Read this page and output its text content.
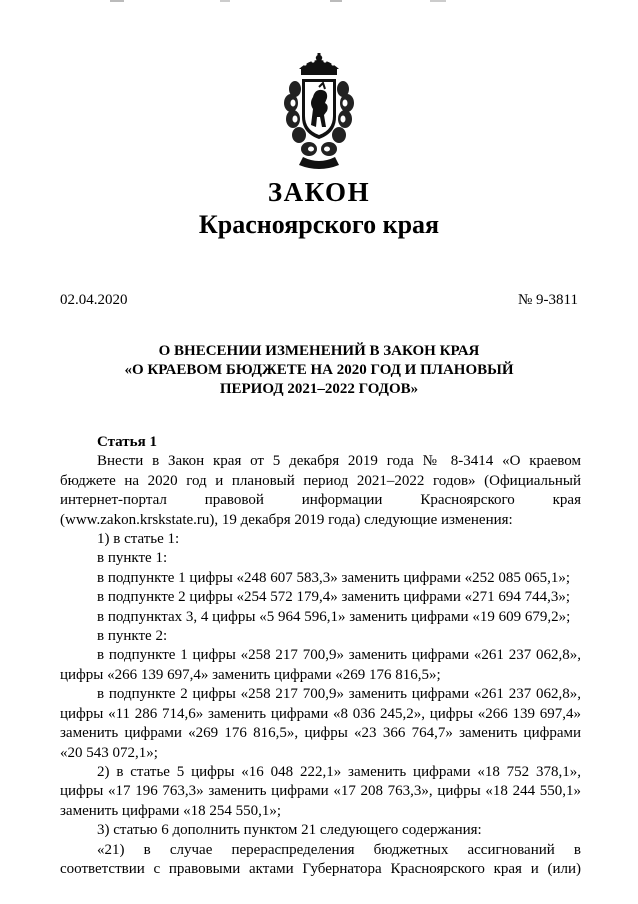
ЗАКОН
Красноярского края
02.04.2020	№ 9-3811
О ВНЕСЕНИИ ИЗМЕНЕНИЙ В ЗАКОН КРАЯ
«О КРАЕВОМ БЮДЖЕТЕ НА 2020 ГОД И ПЛАНОВЫЙ
ПЕРИОД 2021–2022 ГОДОВ»
Статья 1
Внести в Закон края от 5 декабря 2019 года № 8-3414 «О краевом
бюджете на 2020 год и плановый период 2021–2022 годов» (Официальный
интернет-портал правовой информации Красноярского края
(www.zakon.krskstate.ru), 19 декабря 2019 года) следующие изменения:
1) в статье 1:
в пункте 1:
в подпункте 1 цифры «248 607 583,3» заменить цифрами «252 085 065,1»;
в подпункте 2 цифры «254 572 179,4» заменить цифрами «271 694 744,3»;
в подпунктах 3, 4 цифры «5 964 596,1» заменить цифрами «19 609 679,2»;
в пункте 2:
в подпункте 1 цифры «258 217 700,9» заменить цифрами «261 237 062,8»,
цифры «266 139 697,4» заменить цифрами «269 176 816,5»;
в подпункте 2 цифры «258 217 700,9» заменить цифрами «261 237 062,8»,
цифры «11 286 714,6» заменить цифрами «8 036 245,2», цифры «266 139 697,4»
заменить цифрами «269 176 816,5», цифры «23 366 764,7» заменить цифрами
«20 543 072,1»;
2) в статье 5 цифры «16 048 222,1» заменить цифрами «18 752 378,1»,
цифры «17 196 763,3» заменить цифрами «17 208 763,3», цифры «18 244 550,1»
заменить цифрами «18 254 550,1»;
3) статью 6 дополнить пунктом 21 следующего содержания:
«21) в случае перераспределения бюджетных ассигнований в
соответствии с правовыми актами Губернатора Красноярского края и (или)
